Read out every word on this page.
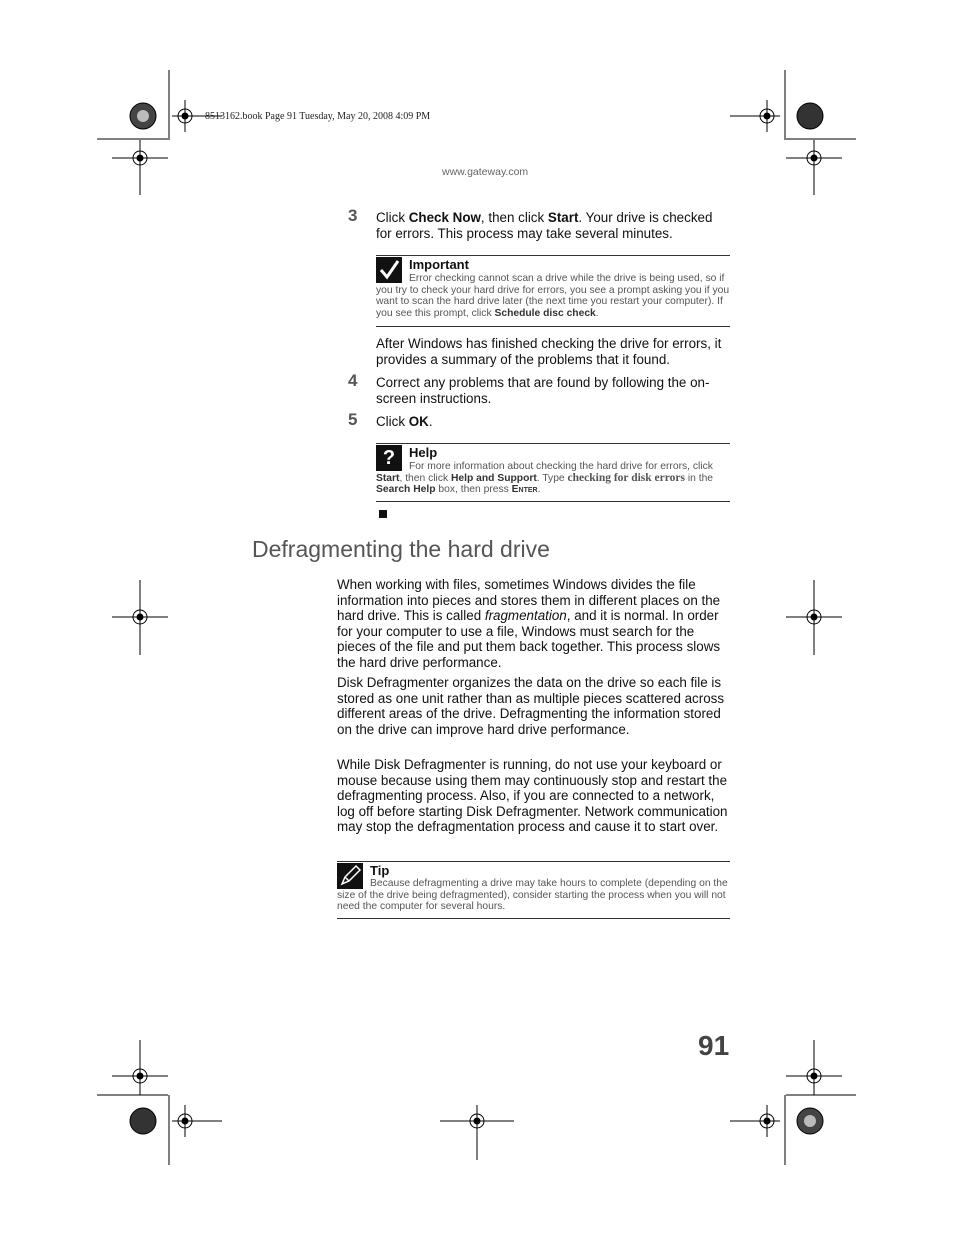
8513162.book Page 91 Tuesday, May 20, 2008 4:09 PM
www.gateway.com
3 Click Check Now, then click Start. Your drive is checked for errors. This process may take several minutes.
Important
Error checking cannot scan a drive while the drive is being used, so if you try to check your hard drive for errors, you see a prompt asking you if you want to scan the hard drive later (the next time you restart your computer). If you see this prompt, click Schedule disc check.
After Windows has finished checking the drive for errors, it provides a summary of the problems that it found.
4 Correct any problems that are found by following the on-screen instructions.
5 Click OK.
?	Help
For more information about checking the hard drive for errors, click Start, then click Help and Support. Type checking for disk errors in the Search Help box, then press Enter.
Defragmenting the hard drive
When working with files, sometimes Windows divides the file information into pieces and stores them in different places on the hard drive. This is called fragmentation, and it is normal. In order for your computer to use a file, Windows must search for the pieces of the file and put them back together. This process slows the hard drive performance.
Disk Defragmenter organizes the data on the drive so each file is stored as one unit rather than as multiple pieces scattered across different areas of the drive. Defragmenting the information stored on the drive can improve hard drive performance.
While Disk Defragmenter is running, do not use your keyboard or mouse because using them may continuously stop and restart the defragmenting process. Also, if you are connected to a network, log off before starting Disk Defragmenter. Network communication may stop the defragmentation process and cause it to start over.
Tip
Because defragmenting a drive may take hours to complete (depending on the size of the drive being defragmented), consider starting the process when you will not need the computer for several hours.
91
